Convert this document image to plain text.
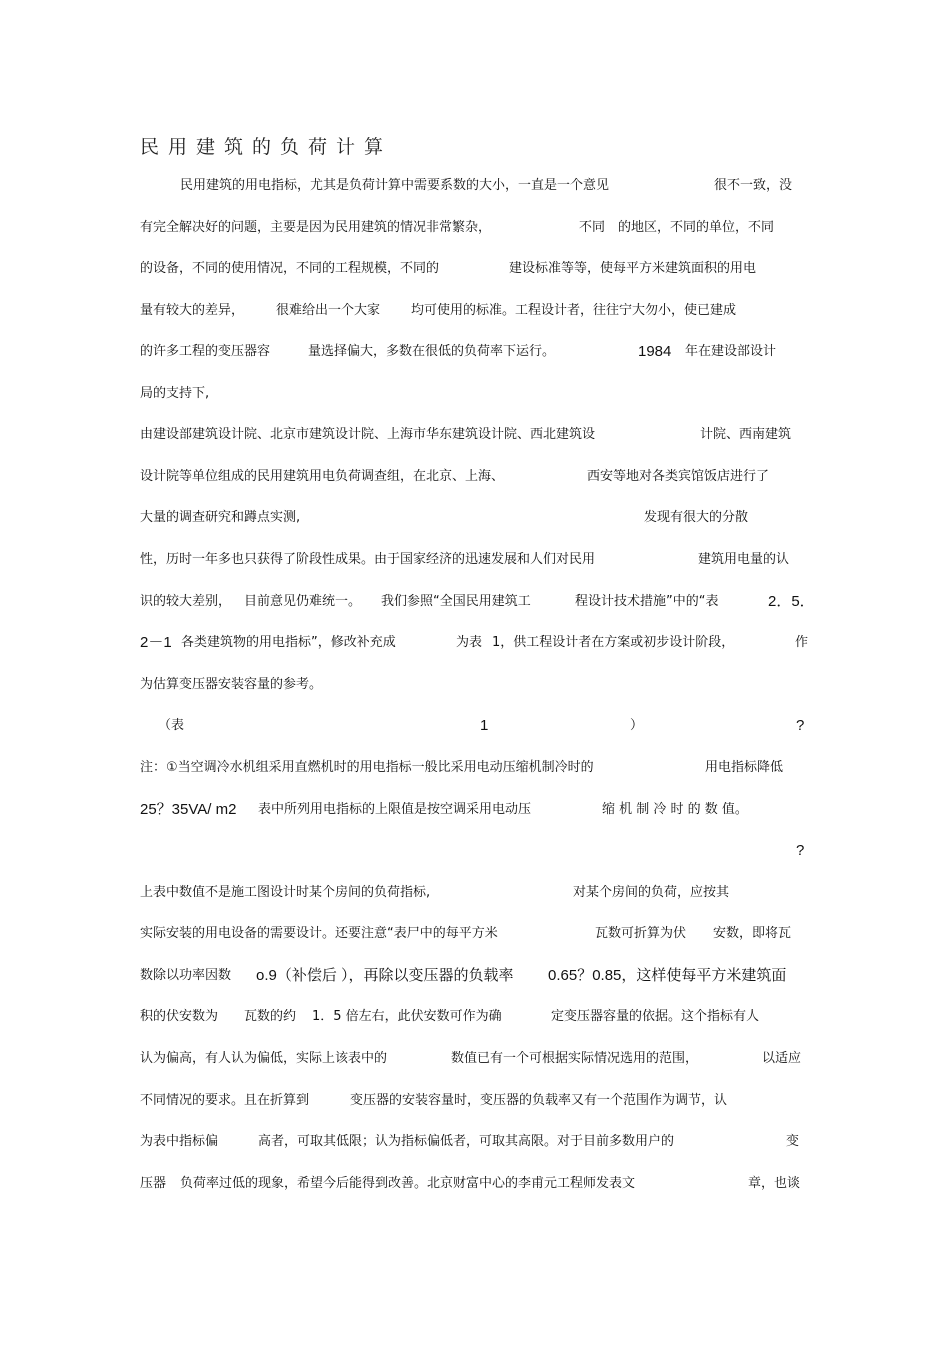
民用建筑的负荷计算
民用建筑的用电指标，尤其是负荷计算中需要系数的大小，一直是一个意见	很不一致，没
有完全解决好的问题，主要是因为民用建筑的情况非常繁杂，	不同 的地区，不同的单位，不同
的设备，不同的使用情况，不同的工程规模，不同的	建设标准等等，使每平方米建筑面积的用电
量有较大的差异， 很难给出一个大家 均可使用的标准。工程设计者，往往宁大勿小，使已建成
的许多工程的变压器容	量选择偏大，多数在很低的负荷率下运行。	1984 年在建设部设计
局的支持下,
由建设部建筑设计院、北京市建筑设计院、上海市华东建筑设计院、西北建筑设	计院、西南建筑
设计院等单位组成的民用建筑用电负荷调查组，在北京、上海、	西安等地对各类宾馆饭店进行了
大量的调查研究和蹲点实测,	发现有很大的分散
性，历时一年多也只获得了阶段性成果。由于国家经济的迅速发展和人们对民用	建筑用电量的认
识的较大差别， 目前意见仍难统一。 我们参照“全国民用建筑工	程设计技术措施”中的“表	2．5．
2－1 各类建筑物的用电指标”，修改补充成	为表 1，供工程设计者在方案或初步设计阶段，	作
为估算变压器安装容量的参考。
（表	1	）	?
注：①当空调冷水机组采用直燃机时的用电指标一般比采用电动压缩机制冷时的	用电指标降低
25？35VA/ m2 表中所列用电指标的上限值是按空调采用电动压	缩 机 制 冷 时 的 数 值。
?
上表中数值不是施工图设计时某个房间的负荷指标,	对某个房间的负荷，应按其
实际安装的用电设备的需要设计。还要注意“表尸中的每平方米	瓦数可折算为伏 安数，即将瓦
数除以功率因数 o.9（补偿后 ），再除以变压器的负载率 0.65？0.85，这样使每平方米建筑面
积的伏安数为 瓦数的约 1．5 倍左右，此伏安数可作为确	定变压器容量的依据。这个指标有人
认为偏高，有人认为偏低，实际上该表中的	数值已有一个可根据实际情况选用的范围，	以适应
不同情况的要求。且在折算到	变压器的安装容量时，变压器的负载率又有一个范围作为调节，认
为表中指标偏	高者，可取其低限；认为指标偏低者，可取其高限。对于目前多数用户的	变
压器 负荷率过低的现象，希望今后能得到改善。北京财富中心的李甫元工程师发表文	章，也谈
